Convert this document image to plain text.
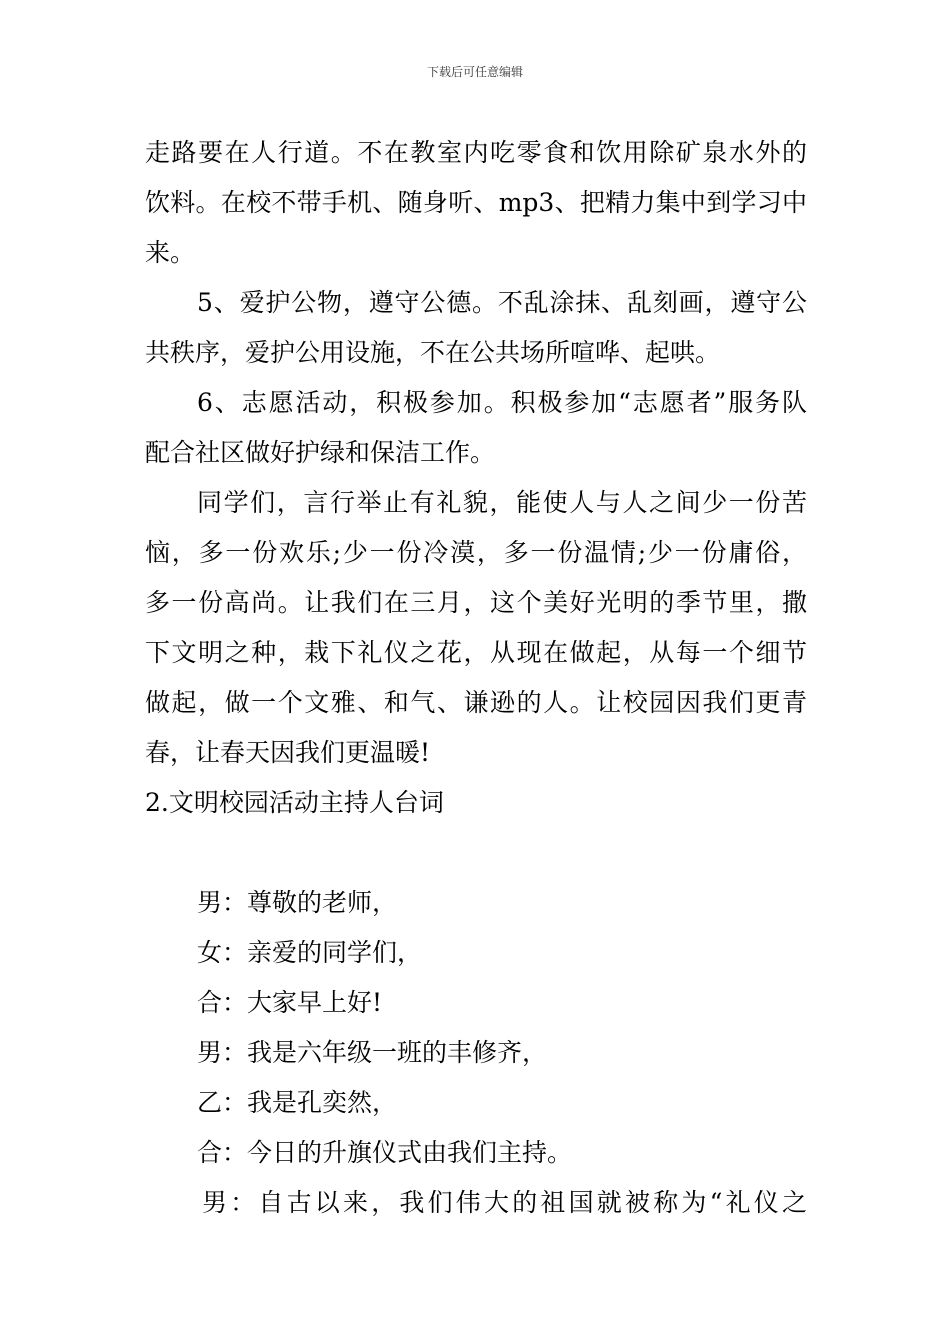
下载后可任意编辑
走路要在人行道。不在教室内吃零食和饮用除矿泉水外的
饮料。在校不带手机、随身听、mp3、把精力集中到学习中
来。
5、爱护公物，遵守公德。不乱涂抹、乱刻画，遵守公
共秩序，爱护公用设施，不在公共场所喧哗、起哄。
6、志愿活动，积极参加。积极参加“志愿者”服务队
配合社区做好护绿和保洁工作。
同学们，言行举止有礼貌，能使人与人之间少一份苦
恼，多一份欢乐;少一份冷漠，多一份温情;少一份庸俗，
多一份高尚。让我们在三月，这个美好光明的季节里，撒
下文明之种，栽下礼仪之花，从现在做起，从每一个细节
做起，做一个文雅、和气、谦逊的人。让校园因我们更青
春，让春天因我们更温暖!
2.文明校园活动主持人台词
男：尊敬的老师，
女：亲爱的同学们，
合：大家早上好!
男：我是六年级一班的丰修齐，
乙：我是孔奕然，
合：今日的升旗仪式由我们主持。
男：自古以来，我们伟大的祖国就被称为“礼仪之
